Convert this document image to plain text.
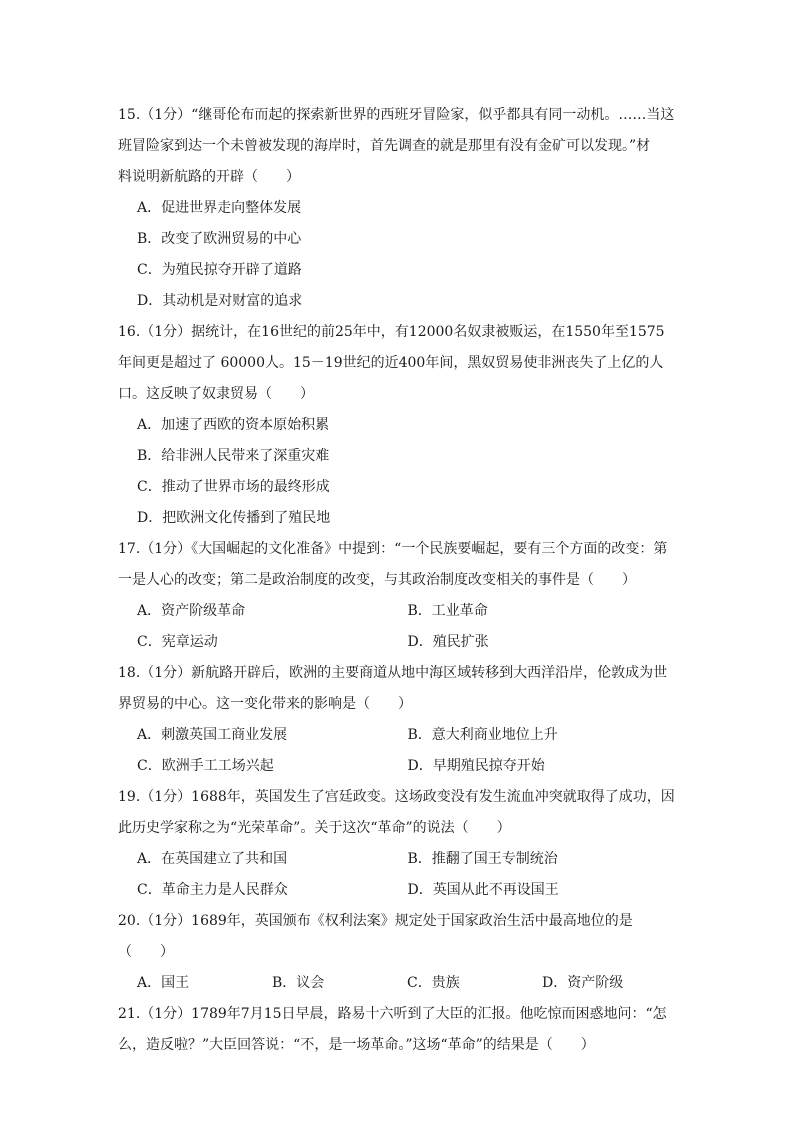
15.（1分）“继哥伦布而起的探索新世界的西班牙冒险家，似乎都具有同一动机。……当这

班冒险家到达一个未曾被发现的海岸时，首先调查的就是那里有没有金矿可以发现。”材

料说明新航路的开辟（　　）

A．促进世界走向整体发展

B．改变了欧洲贸易的中心

C．为殖民掠夺开辟了道路

D．其动机是对财富的追求

16.（1分）据统计，在16世纪的前25年中，有12000名奴隶被贩运，在1550年至1575

年间更是超过了 60000人。15－19世纪的近400年间，黑奴贸易使非洲丧失了上亿的人

口。这反映了奴隶贸易（　　）

A．加速了西欧的资本原始积累

B．给非洲人民带来了深重灾难

C．推动了世界市场的最终形成

D．把欧洲文化传播到了殖民地

17.（1分）《大国崛起的文化准备》中提到：“一个民族要崛起，要有三个方面的改变：第

一是人心的改变；第二是政治制度的改变，与其政治制度改变相关的事件是（　　）

A．资产阶级革命	B．工业革命
C．宪章运动	D．殖民扩张

18.（1分）新航路开辟后，欧洲的主要商道从地中海区域转移到大西洋沿岸，伦敦成为世

界贸易的中心。这一变化带来的影响是（　　）

A．刺激英国工商业发展	B．意大利商业地位上升
C．欧洲手工工场兴起	D．早期殖民掠夺开始

19.（1分）1688年，英国发生了宫廷政变。这场政变没有发生流血冲突就取得了成功，因

此历史学家称之为“光荣革命”。关于这次“革命”的说法（　　）

A．在英国建立了共和国	B．推翻了国王专制统治
C．革命主力是人民群众	D．英国从此不再设国王

20.（1分）1689年，英国颁布《权利法案》规定处于国家政治生活中最高地位的是（　　）

A．国王	B．议会	C．贵族	D．资产阶级

21.（1分）1789年7月15日早晨，路易十六听到了大臣的汇报。他吃惊而困惑地问：“怎

么，造反啦？”大臣回答说：“不，是一场革命。”这场“革命”的结果是（　　）
